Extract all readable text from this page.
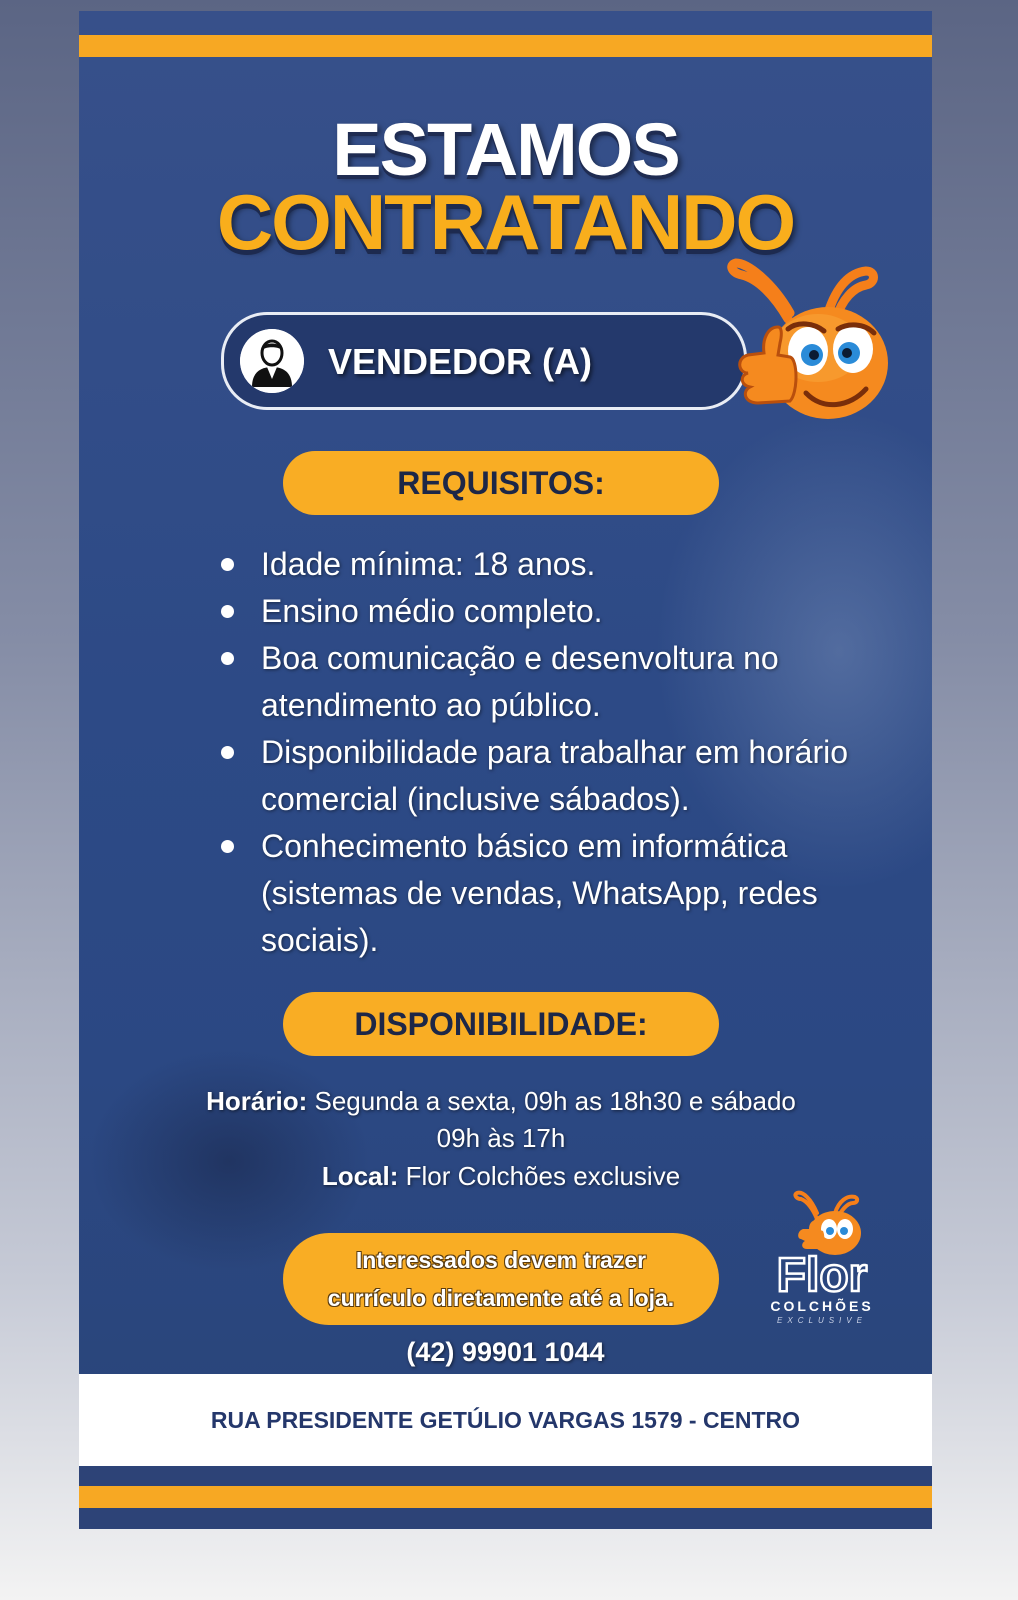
ESTAMOS
CONTRATANDO
VENDEDOR (A)
REQUISITOS:
Idade mínima: 18 anos.
Ensino médio completo.
Boa comunicação e desenvoltura no atendimento ao público.
Disponibilidade para trabalhar em horário comercial (inclusive sábados).
Conhecimento básico em informática (sistemas de vendas, WhatsApp, redes sociais).
DISPONIBILIDADE:
Horário: Segunda a sexta, 09h as 18h30 e sábado
09h às 17h
Local: Flor Colchões exclusive
Interessados devem trazer
currículo diretamente até a loja.
(42) 99901 1044
Flor
COLCHÕES
EXCLUSIVE
RUA PRESIDENTE GETÚLIO VARGAS 1579 - CENTRO
